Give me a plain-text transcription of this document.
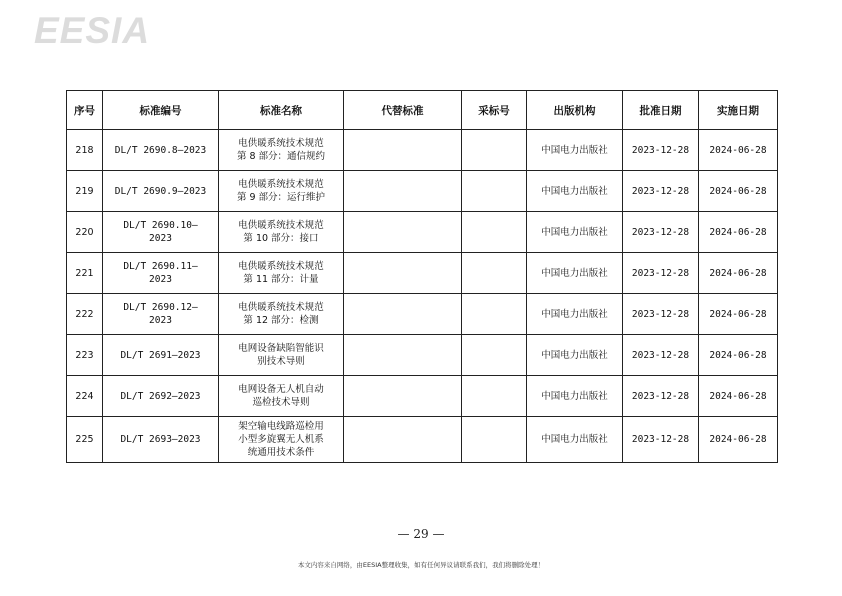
EESIA
序号	标准编号	标准名称	代替标准	采标号	出版机构	批准日期	实施日期

218	DL/T 2690.8—2023	电供暖系统技术规范
第 8 部分：通信规约			中国电力出版社	2023-12-28	2024-06-28

219	DL/T 2690.9—2023	电供暖系统技术规范
第 9 部分：运行维护			中国电力出版社	2023-12-28	2024-06-28

220	DL/T 2690.10—
2023	电供暖系统技术规范
第 10 部分：接口			中国电力出版社	2023-12-28	2024-06-28

221	DL/T 2690.11—
2023	电供暖系统技术规范
第 11 部分：计量			中国电力出版社	2023-12-28	2024-06-28

222	DL/T 2690.12—
2023	电供暖系统技术规范
第 12 部分：检测			中国电力出版社	2023-12-28	2024-06-28

223	DL/T 2691—2023	电网设备缺陷智能识
别技术导则			中国电力出版社	2023-12-28	2024-06-28

224	DL/T 2692—2023	电网设备无人机自动
巡检技术导则			中国电力出版社	2023-12-28	2024-06-28

225	DL/T 2693—2023	架空输电线路巡检用
小型多旋翼无人机系
统通用技术条件			中国电力出版社	2023-12-28	2024-06-28
— 29 —
本文内容来自网络，由EESIA整理收集，如有任何异议请联系我们，我们将删除处理！
